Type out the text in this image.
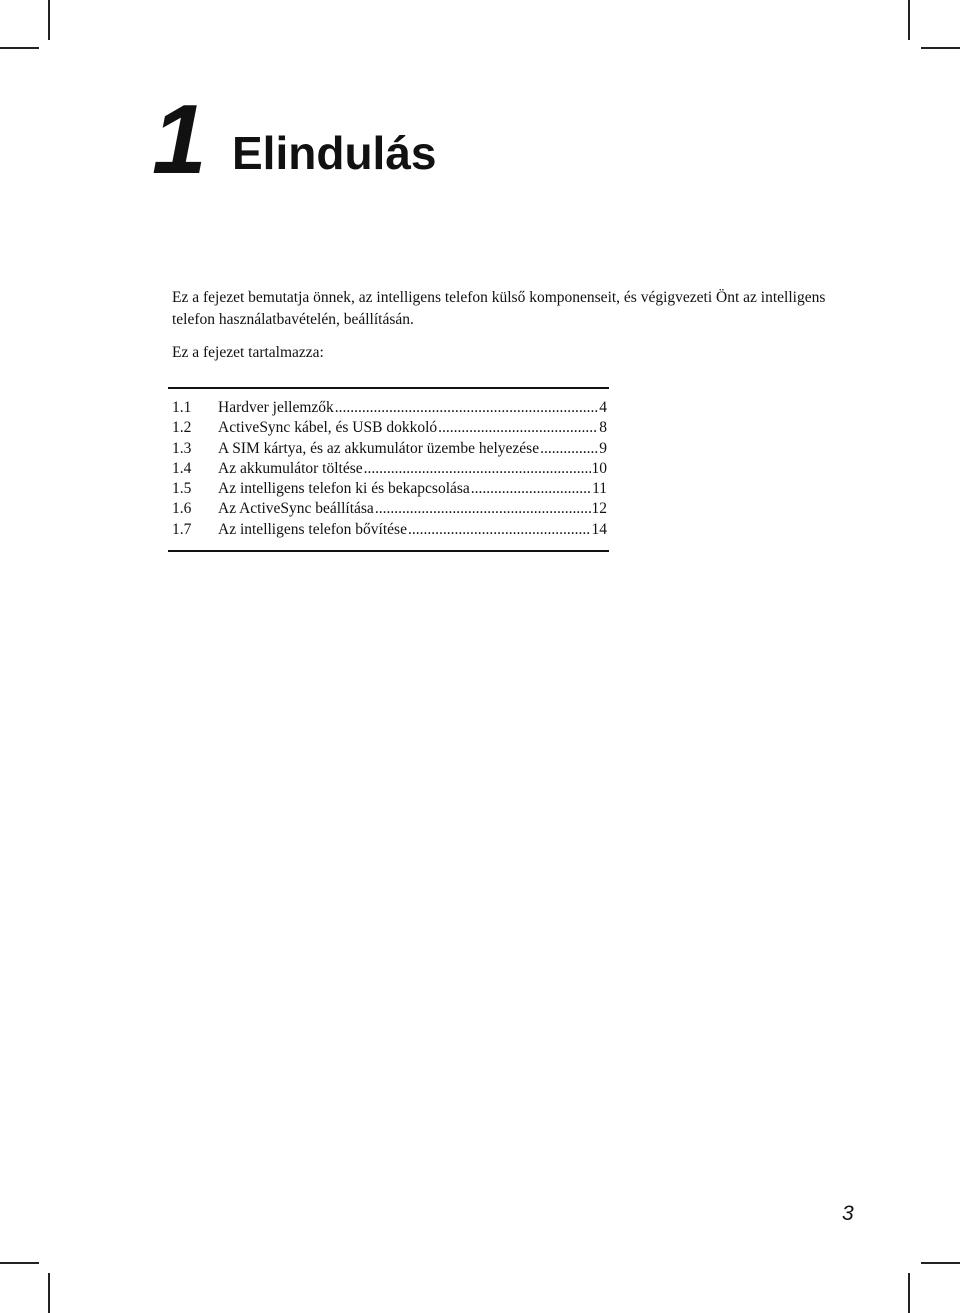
1 Elindulás

Ez a fejezet bemutatja önnek, az intelligens telefon külső komponenseit, és végigvezeti Önt az intelligens telefon használatbavételén, beállításán.

Ez a fejezet tartalmazza:

1.1	Hardver jellemzők .....	4
1.2	ActiveSync kábel, és USB dokkoló .....	8
1.3	A SIM kártya, és az akkumulátor üzembe helyezése .....	9
1.4	Az akkumulátor töltése .....	10
1.5	Az intelligens telefon ki és bekapcsolása .....	11
1.6	Az ActiveSync beállítása .....	12
1.7	Az intelligens telefon bővítése .....	14
3
